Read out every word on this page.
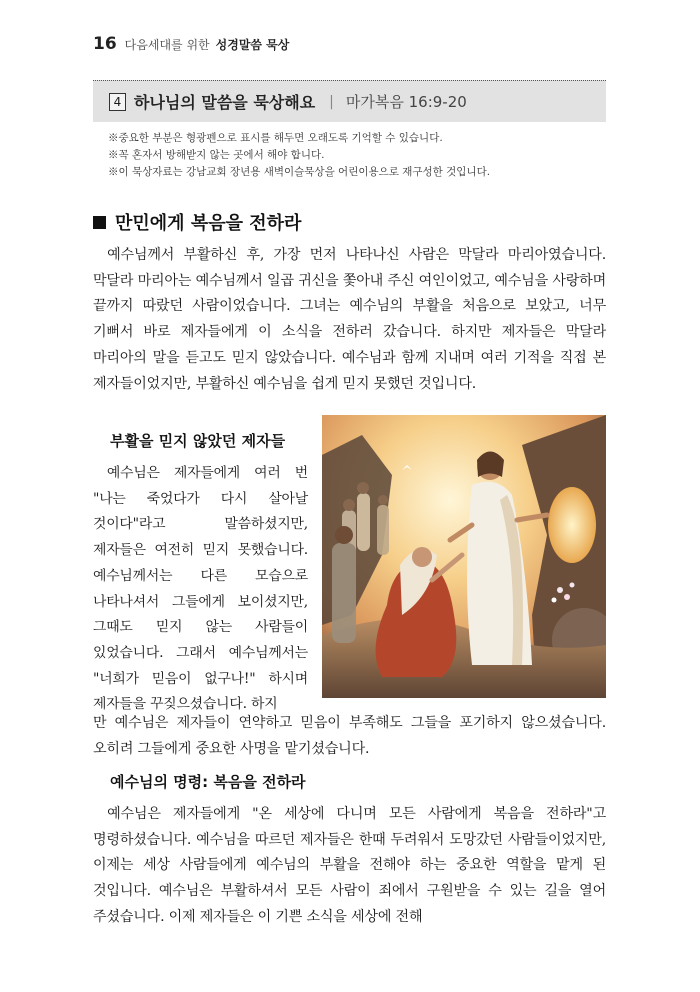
16 다음세대를 위한 성경말씀 묵상
4 하나님의 말씀을 묵상해요 | 마가복음 16:9-20
※중요한 부분은 형광펜으로 표시를 해두면 오래도록 기억할 수 있습니다.
※꼭 혼자서 방해받지 않는 곳에서 해야 합니다.
※이 묵상자료는 강남교회 장년용 새벽이슬묵상을 어린이용으로 재구성한 것입니다.
만민에게 복음을 전하라
예수님께서 부활하신 후, 가장 먼저 나타나신 사람은 막달라 마리아였습니다. 막달라 마리아는 예수님께서 일곱 귀신을 쫓아내 주신 여인이었고, 예수님을 사랑하며 끝까지 따랐던 사람이었습니다. 그녀는 예수님의 부활을 처음으로 보았고, 너무 기뻐서 바로 제자들에게 이 소식을 전하러 갔습니다. 하지만 제자들은 막달라 마리아의 말을 듣고도 믿지 않았습니다. 예수님과 함께 지내며 여러 기적을 직접 본 제자들이었지만, 부활하신 예수님을 쉽게 믿지 못했던 것입니다.
부활을 믿지 않았던 제자들
예수님은 제자들에게 여러 번 "나는 죽었다가 다시 살아날 것이다"라고 말씀하셨지만, 제자들은 여전히 믿지 못했습니다. 예수님께서는 다른 모습으로 나타나셔서 그들에게 보이셨지만, 그때도 믿지 않는 사람들이 있었습니다. 그래서 예수님께서는 "너희가 믿음이 없구나!" 하시며 제자들을 꾸짖으셨습니다. 하지
만 예수님은 제자들이 연약하고 믿음이 부족해도 그들을 포기하지 않으셨습니다. 오히려 그들에게 중요한 사명을 맡기셨습니다.
예수님의 명령: 복음을 전하라
예수님은 제자들에게 "온 세상에 다니며 모든 사람에게 복음을 전하라"고 명령하셨습니다. 예수님을 따르던 제자들은 한때 두려워서 도망갔던 사람들이었지만, 이제는 세상 사람들에게 예수님의 부활을 전해야 하는 중요한 역할을 맡게 된 것입니다. 예수님은 부활하셔서 모든 사람이 죄에서 구원받을 수 있는 길을 열어 주셨습니다. 이제 제자들은 이 기쁜 소식을 세상에 전해
